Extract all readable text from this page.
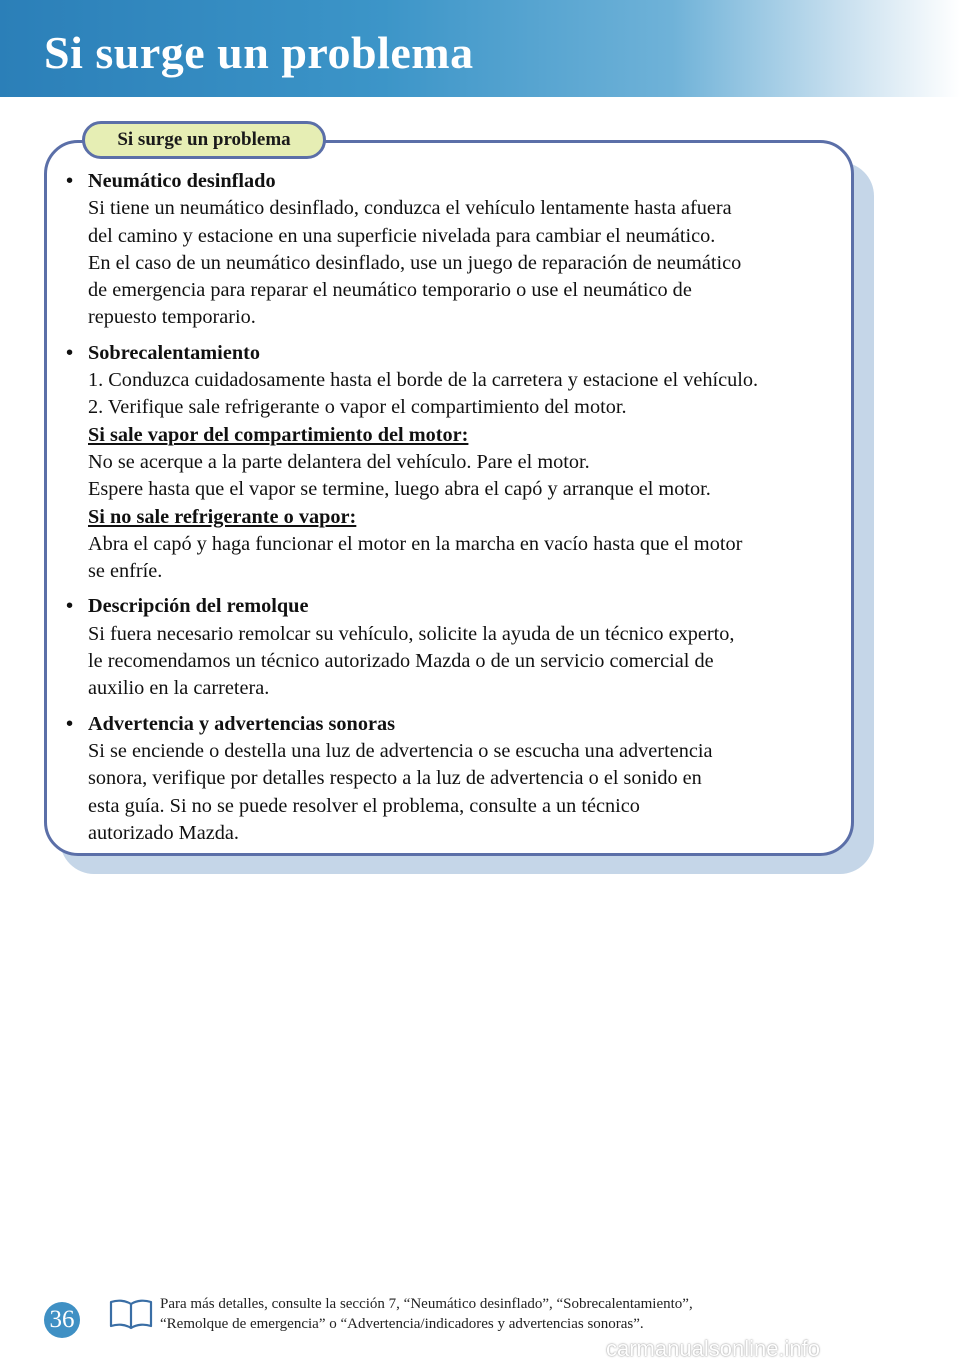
Si surge un problema
Si surge un problema
• Neumático desinflado
Si tiene un neumático desinflado, conduzca el vehículo lentamente hasta afuera
del camino y estacione en una superficie nivelada para cambiar el neumático.
En el caso de un neumático desinflado, use un juego de reparación de neumático
de emergencia para reparar el neumático temporario o use el neumático de
repuesto temporario.
• Sobrecalentamiento
1. Conduzca cuidadosamente hasta el borde de la carretera y estacione el vehículo.
2. Verifique sale refrigerante o vapor el compartimiento del motor.
Si sale vapor del compartimiento del motor:
No se acerque a la parte delantera del vehículo. Pare el motor.
Espere hasta que el vapor se termine, luego abra el capó y arranque el motor.
Si no sale refrigerante o vapor:
Abra el capó y haga funcionar el motor en la marcha en vacío hasta que el motor
se enfríe.
• Descripción del remolque
Si fuera necesario remolcar su vehículo, solicite la ayuda de un técnico experto,
le recomendamos un técnico autorizado Mazda o de un servicio comercial de
auxilio en la carretera.
• Advertencia y advertencias sonoras
Si se enciende o destella una luz de advertencia o se escucha una advertencia
sonora, verifique por detalles respecto a la luz de advertencia o el sonido en
esta guía. Si no se puede resolver el problema, consulte a un técnico
autorizado Mazda.
36
Para más detalles, consulte la sección 7, “Neumático desinflado”, “Sobrecalentamiento”,
“Remolque de emergencia” o “Advertencia/indicadores y advertencias sonoras”.

carmanualsonline.info
